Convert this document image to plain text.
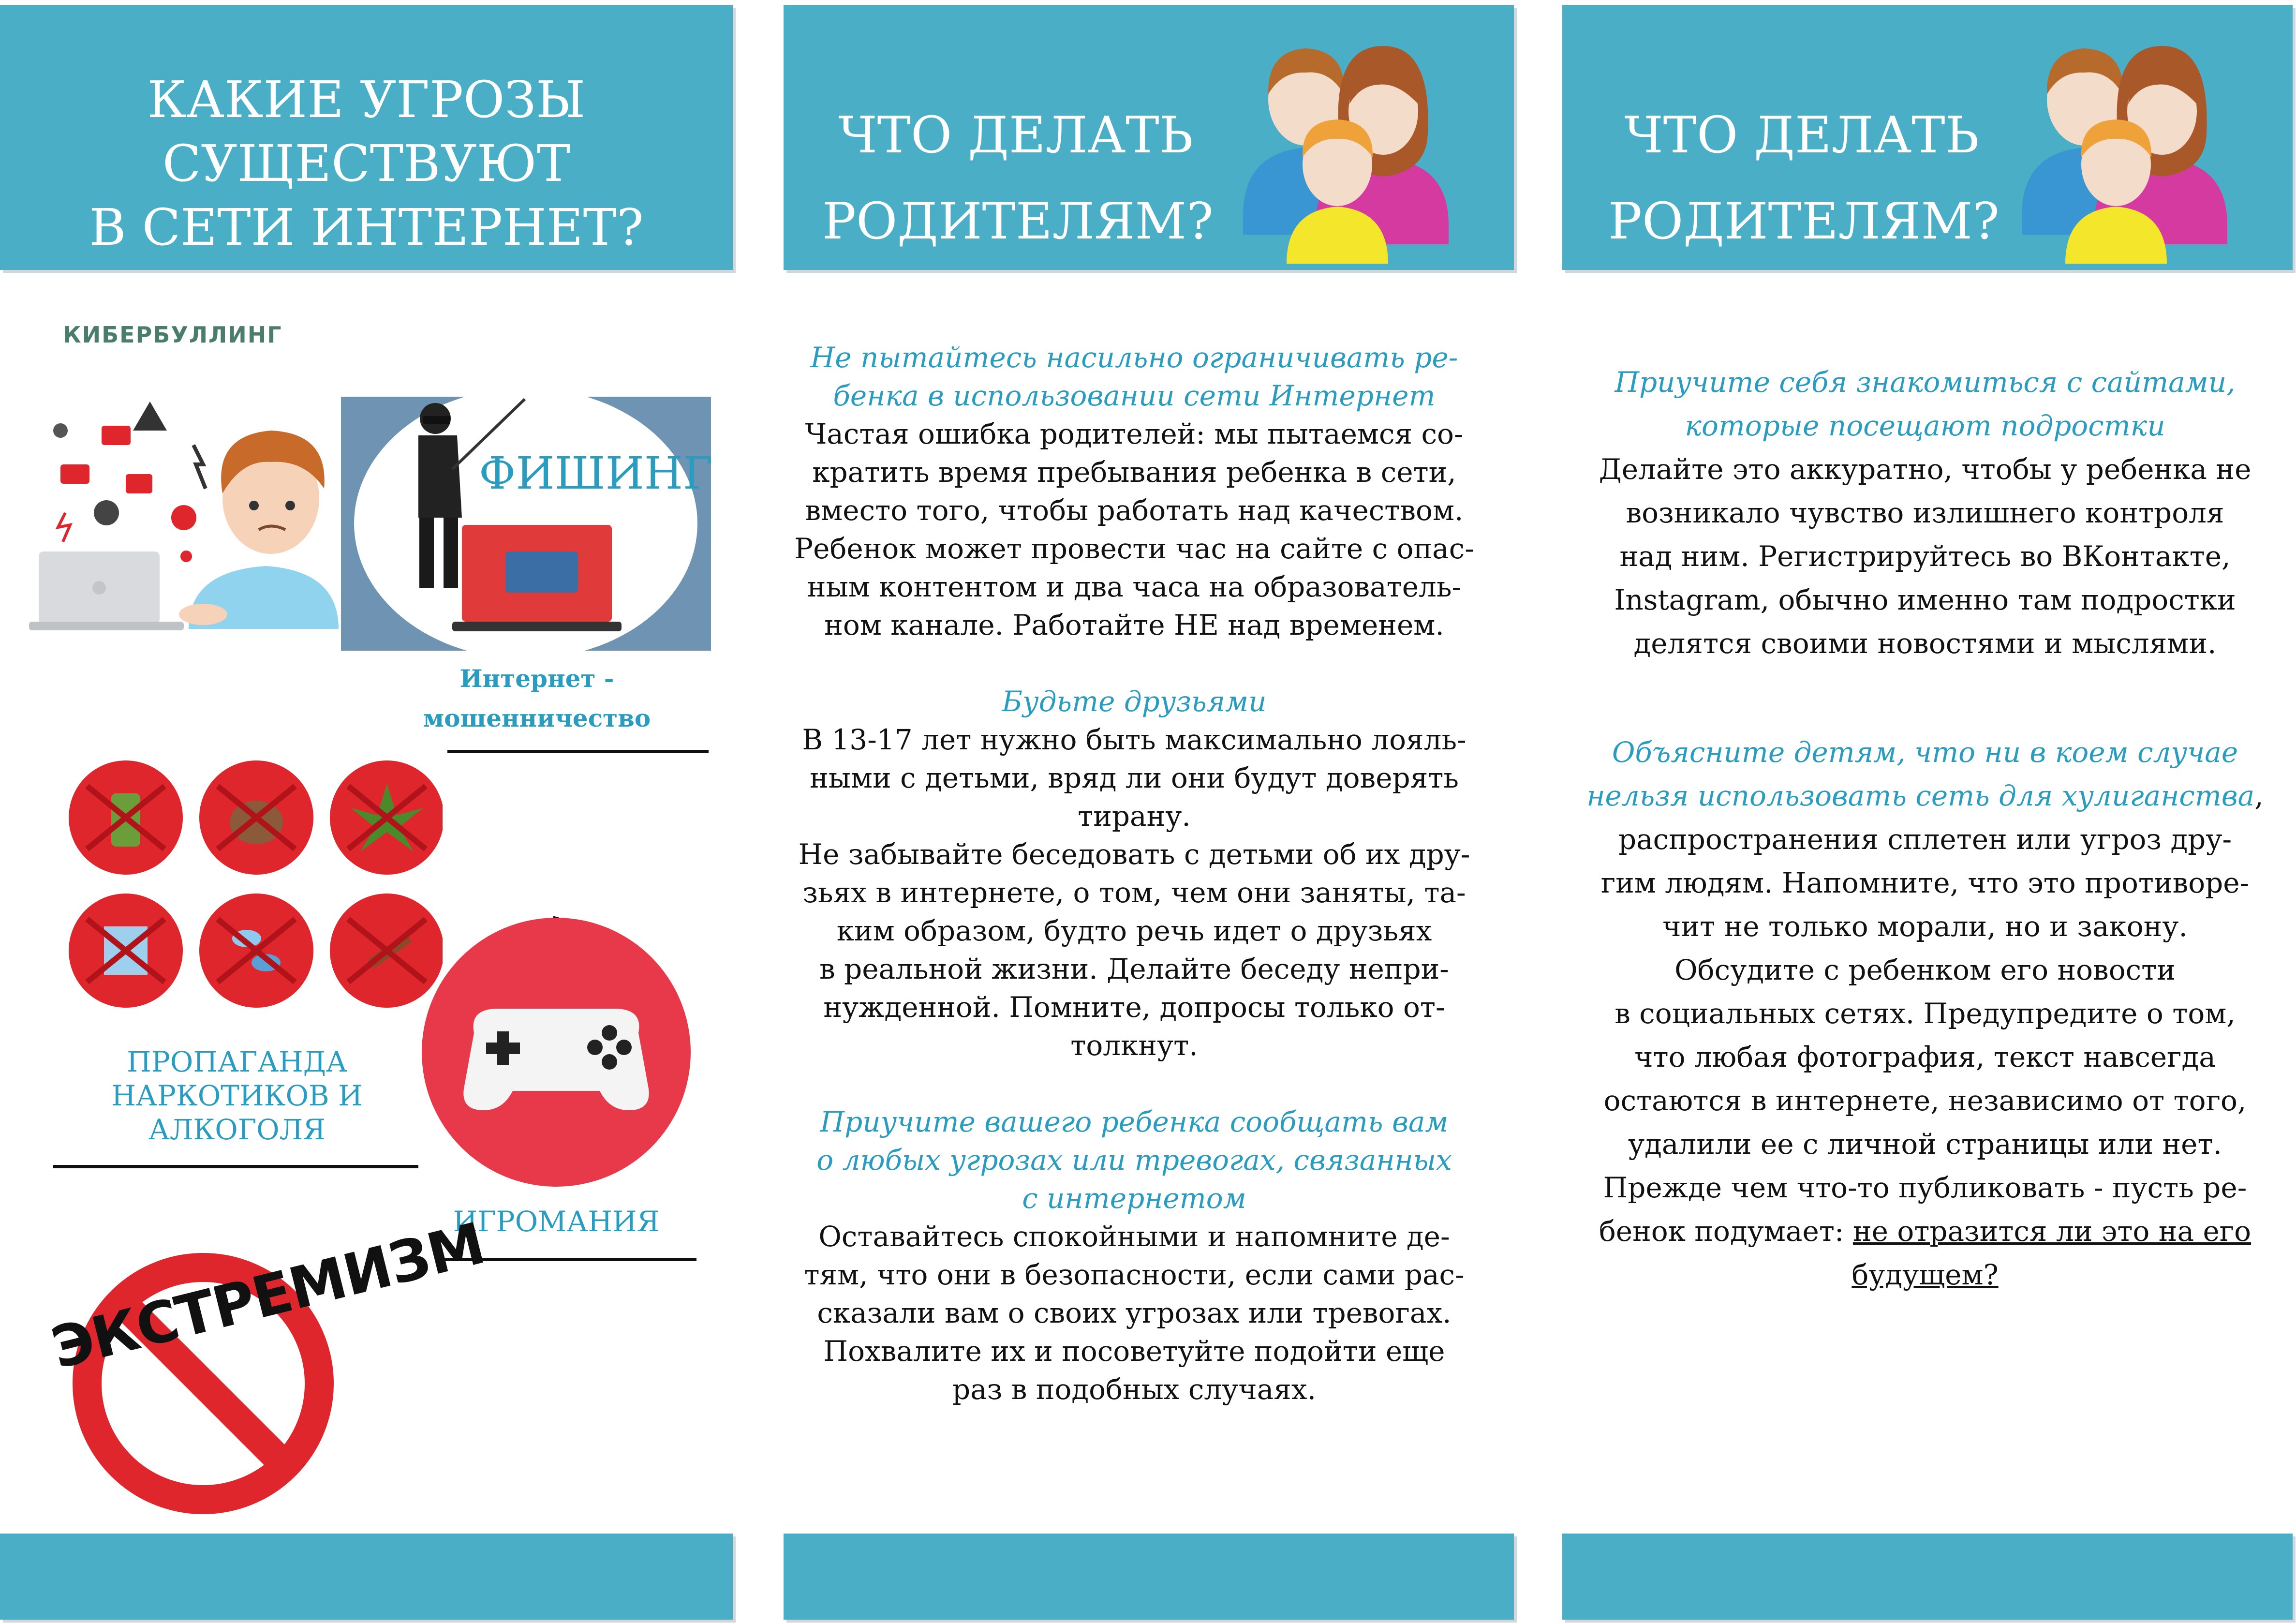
КАКИЕ УГРОЗЫ
СУЩЕСТВУЮТ
В СЕТИ ИНТЕРНЕТ?
ЧТО ДЕЛАТЬ
РОДИТЕЛЯМ?
ЧТО ДЕЛАТЬ
РОДИТЕЛЯМ?
КИБЕРБУЛЛИНГ
ФИШИНГ
Интернет -
мошенничество
ПРОПАГАНДА
НАРКОТИКОВ И
АЛКОГОЛЯ
ИГРОМАНИЯ
ЭКСТРЕМИЗМ
Не пытайтесь насильно ограничивать ре-
бенка в использовании сети Интернет
Частая ошибка родителей: мы пытаемся со-
кратить время пребывания ребенка в сети,
вместо того, чтобы работать над качеством.
Ребенок может провести час на сайте с опас-
ным контентом и два часа на образователь-
ном канале. Работайте НЕ над временем.
Будьте друзьями
В 13-17 лет нужно быть максимально лояль-
ными с детьми, вряд ли они будут доверять
тирану.
Не забывайте беседовать с детьми об их дру-
зьях в интернете, о том, чем они заняты, та-
ким образом, будто речь идет о друзьях
в реальной жизни. Делайте беседу непри-
нужденной. Помните, допросы только от-
толкнут.
Приучите вашего ребенка сообщать вам
о любых угрозах или тревогах, связанных
с интернетом
Оставайтесь спокойными и напомните де-
тям, что они в безопасности, если сами рас-
сказали вам о своих угрозах или тревогах.
Похвалите их и посоветуйте подойти еще
раз в подобных случаях.
Приучите себя знакомиться с сайтами,
которые посещают подростки
Делайте это аккуратно, чтобы у ребенка не
возникало чувство излишнего контроля
над ним. Регистрируйтесь во ВКонтакте,
Instagram, обычно именно там подростки
делятся своими новостями и мыслями.
Объясните детям, что ни в коем случае
нельзя использовать сеть для хулиганства,
распространения сплетен или угроз дру-
гим людям. Напомните, что это противоре-
чит не только морали, но и закону.
Обсудите с ребенком его новости
в социальных сетях. Предупредите о том,
что любая фотография, текст навсегда
остаются в интернете, независимо от того,
удалили ее с личной страницы или нет.
Прежде чем что-то публиковать - пусть ре-
бенок подумает: не отразится ли это на его
будущем?
